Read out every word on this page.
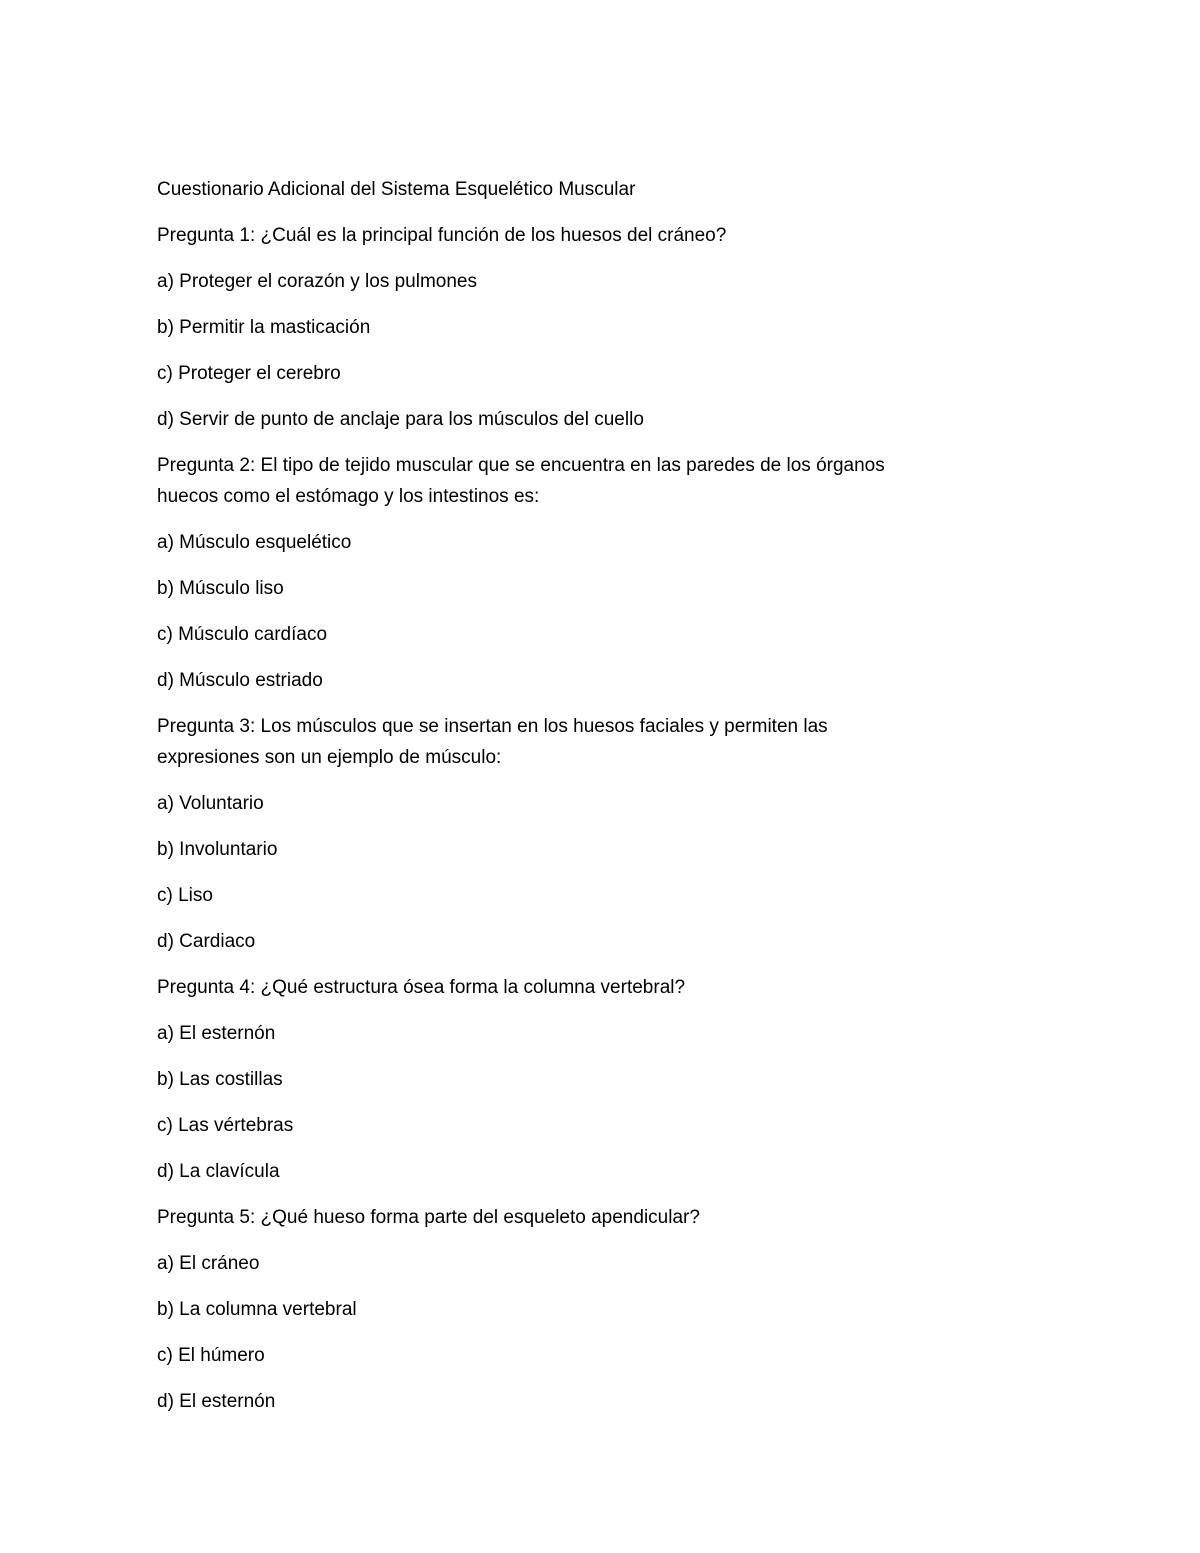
Cuestionario Adicional del Sistema Esquelético Muscular
Pregunta 1: ¿Cuál es la principal función de los huesos del cráneo?
a) Proteger el corazón y los pulmones
b) Permitir la masticación
c) Proteger el cerebro
d) Servir de punto de anclaje para los músculos del cuello
Pregunta 2: El tipo de tejido muscular que se encuentra en las paredes de los órganos
huecos como el estómago y los intestinos es:
a) Músculo esquelético
b) Músculo liso
c) Músculo cardíaco
d) Músculo estriado
Pregunta 3: Los músculos que se insertan en los huesos faciales y permiten las
expresiones son un ejemplo de músculo:
a) Voluntario
b) Involuntario
c) Liso
d) Cardiaco
Pregunta 4: ¿Qué estructura ósea forma la columna vertebral?
a) El esternón
b) Las costillas
c) Las vértebras
d) La clavícula
Pregunta 5: ¿Qué hueso forma parte del esqueleto apendicular?
a) El cráneo
b) La columna vertebral
c) El húmero
d) El esternón
